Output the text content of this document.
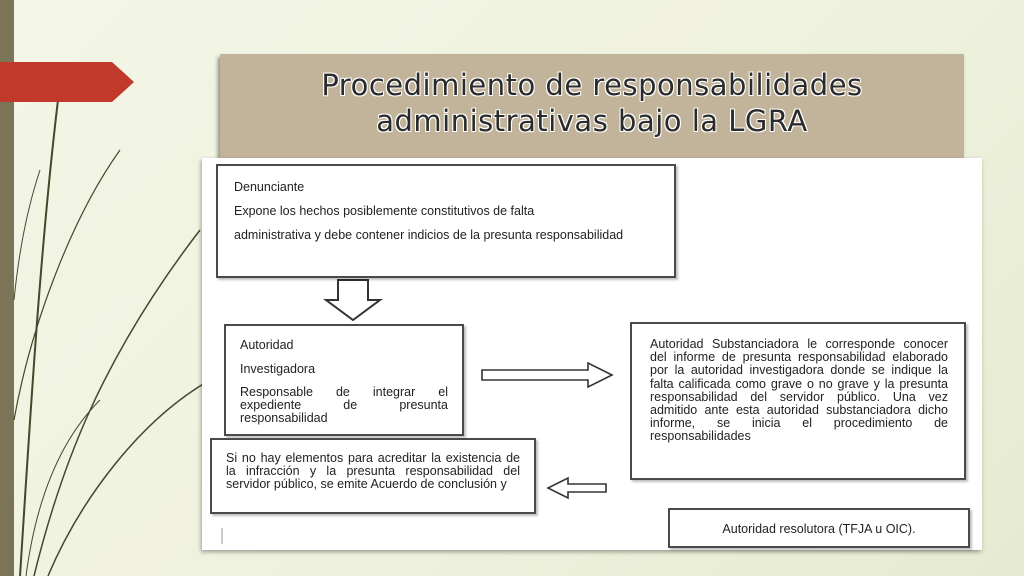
Procedimiento de responsabilidades
administrativas bajo la LGRA

Denunciante

Expone los hechos posiblemente constitutivos de falta

administrativa y debe contener indicios de la presunta responsabilidad

Autoridad

Investigadora

Responsable de integrar el expediente de presunta responsabilidad

Autoridad Substanciadora le corresponde conocer del informe de presunta responsabilidad elaborado por la autoridad investigadora donde se indique la falta calificada como grave o no grave y la presunta responsabilidad del servidor público. Una vez admitido ante esta autoridad substanciadora dicho informe, se inicia el procedimiento de responsabilidades

Si no hay elementos para acreditar la existencia de la infracción y la presunta responsabilidad del servidor público, se emite Acuerdo de conclusión y

Autoridad resolutora (TFJA u OIC).
